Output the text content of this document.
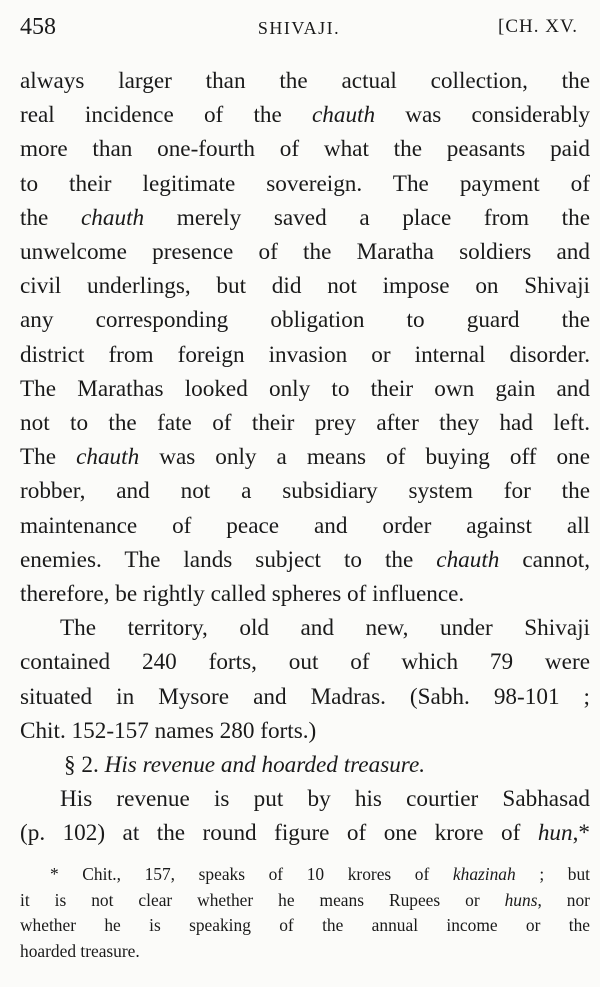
458	SHIVAJI.	[CH. XV.
always larger than the actual collection, the
real incidence of the chauth was considerably
more than one-fourth of what the peasants paid
to their legitimate sovereign. The payment of
the chauth merely saved a place from the
unwelcome presence of the Maratha soldiers and
civil underlings, but did not impose on Shivaji
any corresponding obligation to guard the
district from foreign invasion or internal disorder.
The Marathas looked only to their own gain and
not to the fate of their prey after they had left.
The chauth was only a means of buying off one
robber, and not a subsidiary system for the
maintenance of peace and order against all
enemies. The lands subject to the chauth cannot,
therefore, be rightly called spheres of influence.
The territory, old and new, under Shivaji
contained 240 forts, out of which 79 were
situated in Mysore and Madras. (Sabh. 98-101 ;
Chit. 152-157 names 280 forts.)
§ 2. His revenue and hoarded treasure.
His revenue is put by his courtier Sabhasad
(p. 102) at the round figure of one krore of hun,*
* Chit., 157, speaks of 10 krores of khazinah ; but
it is not clear whether he means Rupees or huns, nor
whether he is speaking of the annual income or the
hoarded treasure.
